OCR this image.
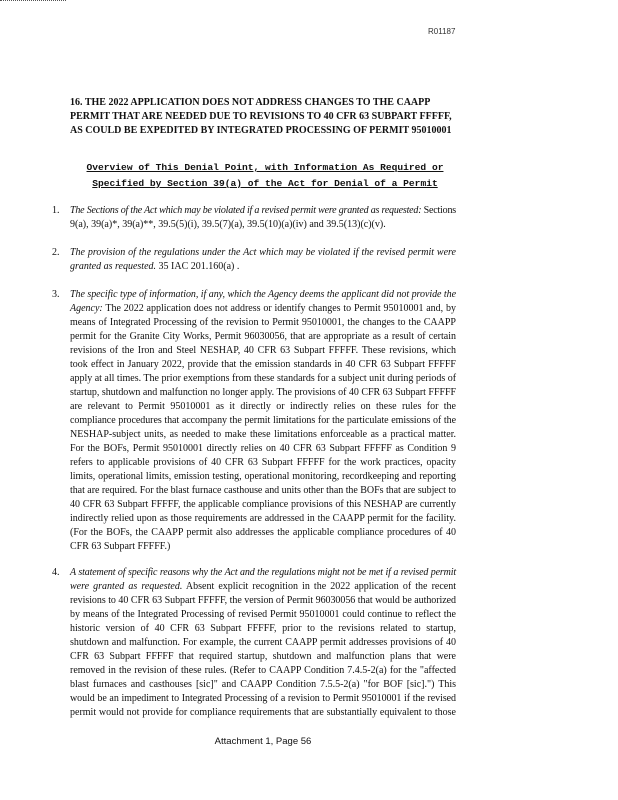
R01187
16. THE 2022 APPLICATION DOES NOT ADDRESS CHANGES TO THE CAAPP
PERMIT THAT ARE NEEDED DUE TO REVISIONS TO 40 CFR 63 SUBPART FFFFF,
AS COULD BE EXPEDITED BY INTEGRATED PROCESSING OF PERMIT 95010001
Overview of This Denial Point, with Information As Required or
Specified by Section 39(a) of the Act for Denial of a Permit
1. The Sections of the Act which may be violated if a revised permit were granted as requested: Sections
9(a), 39(a)*, 39(a)**, 39.5(5)(i), 39.5(7)(a), 39.5(10)(a)(iv) and 39.5(13)(c)(v).
2. The provision of the regulations under the Act which may be violated if the revised permit were
granted as requested. 35 IAC 201.160(a) .
3. The specific type of information, if any, which the Agency deems the applicant did not provide the
Agency: The 2022 application does not address or identify changes to Permit 95010001 and, by
means of Integrated Processing of the revision to Permit 95010001, the changes to the CAAPP
permit for the Granite City Works, Permit 96030056, that are appropriate as a result of certain
revisions of the Iron and Steel NESHAP, 40 CFR 63 Subpart FFFFF. These revisions, which
took effect in January 2022, provide that the emission standards in 40 CFR 63 Subpart FFFFF
apply at all times. The prior exemptions from these standards for a subject unit during periods of
startup, shutdown and malfunction no longer apply. The provisions of 40 CFR 63 Subpart FFFFF
are relevant to Permit 95010001 as it directly or indirectly relies on these rules for the
compliance procedures that accompany the permit limitations for the particulate emissions of the
NESHAP-subject units, as needed to make these limitations enforceable as a practical matter.
For the BOFs, Permit 95010001 directly relies on 40 CFR 63 Subpart FFFFF as Condition 9
refers to applicable provisions of 40 CFR 63 Subpart FFFFF for the work practices, opacity
limits, operational limits, emission testing, operational monitoring, recordkeeping and reporting
that are required. For the blast furnace casthouse and units other than the BOFs that are subject to
40 CFR 63 Subpart FFFFF, the applicable compliance provisions of this NESHAP are currently
indirectly relied upon as those requirements are addressed in the CAAPP permit for the facility.
(For the BOFs, the CAAPP permit also addresses the applicable compliance procedures of 40
CFR 63 Subpart FFFFF.)
4. A statement of specific reasons why the Act and the regulations might not be met if a revised permit
were granted as requested. Absent explicit recognition in the 2022 application of the recent
revisions to 40 CFR 63 Subpart FFFFF, the version of Permit 96030056 that would be authorized
by means of the Integrated Processing of revised Permit 95010001 could continue to reflect the
historic version of 40 CFR 63 Subpart FFFFF, prior to the revisions related to startup,
shutdown and malfunction. For example, the current CAAPP permit addresses provisions of 40
CFR 63 Subpart FFFFF that required startup, shutdown and malfunction plans that were
removed in the revision of these rules. (Refer to CAAPP Condition 7.4.5-2(a) for the "affected
blast furnaces and casthouses [sic]" and CAAPP Condition 7.5.5-2(a) "for BOF [sic].") This
would be an impediment to Integrated Processing of a revision to Permit 95010001 if the revised
permit would not provide for compliance requirements that are substantially equivalent to those
Attachment 1, Page 56
